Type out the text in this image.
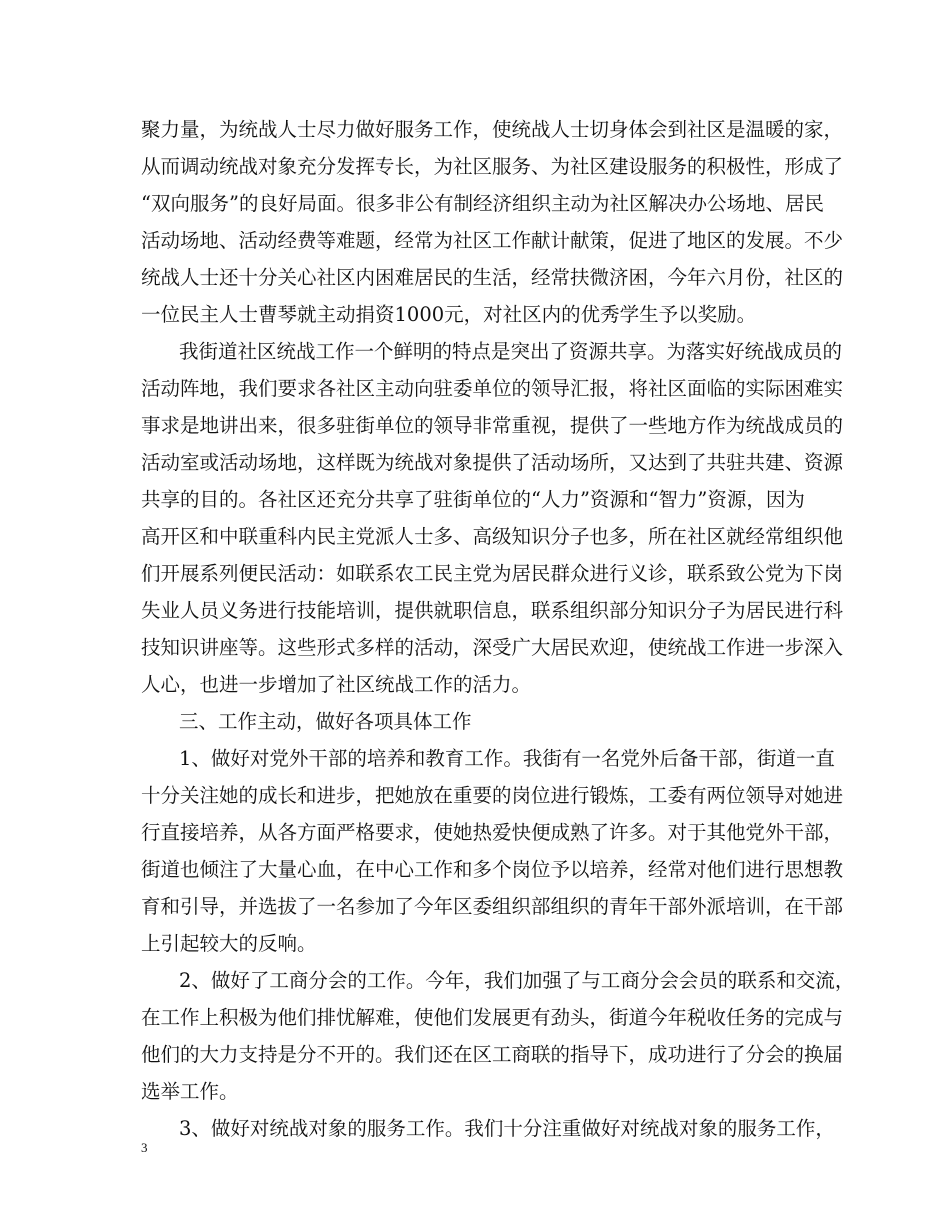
聚力量，为统战人士尽力做好服务工作，使统战人士切身体会到社区是温暖的家，
从而调动统战对象充分发挥专长，为社区服务、为社区建设服务的积极性，形成了
“双向服务”的良好局面。很多非公有制经济组织主动为社区解决办公场地、居民
活动场地、活动经费等难题，经常为社区工作献计献策，促进了地区的发展。不少
统战人士还十分关心社区内困难居民的生活，经常扶微济困，今年六月份，社区的
一位民主人士曹琴就主动捐资1000元，对社区内的优秀学生予以奖励。
我街道社区统战工作一个鲜明的特点是突出了资源共享。为落实好统战成员的
活动阵地，我们要求各社区主动向驻委单位的领导汇报，将社区面临的实际困难实
事求是地讲出来，很多驻街单位的领导非常重视，提供了一些地方作为统战成员的
活动室或活动场地，这样既为统战对象提供了活动场所，又达到了共驻共建、资源
共享的目的。各社区还充分共享了驻街单位的“人力”资源和“智力”资源，因为
高开区和中联重科内民主党派人士多、高级知识分子也多，所在社区就经常组织他
们开展系列便民活动：如联系农工民主党为居民群众进行义诊，联系致公党为下岗
失业人员义务进行技能培训，提供就职信息，联系组织部分知识分子为居民进行科
技知识讲座等。这些形式多样的活动，深受广大居民欢迎，使统战工作进一步深入
人心，也进一步增加了社区统战工作的活力。
三、工作主动，做好各项具体工作
1、做好对党外干部的培养和教育工作。我街有一名党外后备干部，街道一直
十分关注她的成长和进步，把她放在重要的岗位进行锻炼，工委有两位领导对她进
行直接培养，从各方面严格要求，使她热爱快便成熟了许多。对于其他党外干部，
街道也倾注了大量心血，在中心工作和多个岗位予以培养，经常对他们进行思想教
育和引导，并选拔了一名参加了今年区委组织部组织的青年干部外派培训，在干部
上引起较大的反响。
2、做好了工商分会的工作。今年，我们加强了与工商分会会员的联系和交流，
在工作上积极为他们排忧解难，使他们发展更有劲头，街道今年税收任务的完成与
他们的大力支持是分不开的。我们还在区工商联的指导下，成功进行了分会的换届
选举工作。
3、做好对统战对象的服务工作。我们十分注重做好对统战对象的服务工作，
3
